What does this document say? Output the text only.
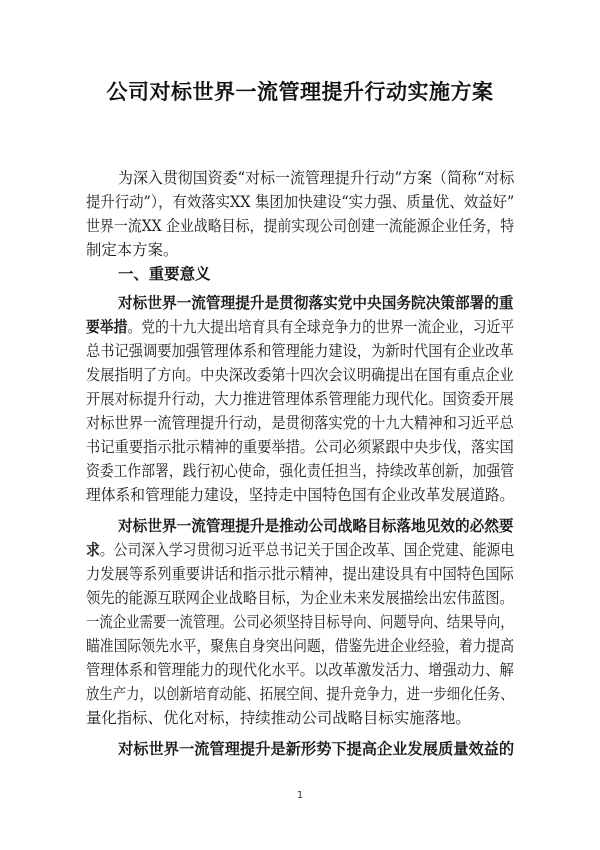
公司对标世界一流管理提升行动实施方案
为深入贯彻国资委“对标一流管理提升行动”方案（简称“对标
提升行动”），有效落实XX 集团加快建设“实力强、质量优、效益好”
世界一流XX 企业战略目标，提前实现公司创建一流能源企业任务，特
制定本方案。
一、重要意义
对标世界一流管理提升是贯彻落实党中央国务院决策部署的重
要举措。党的十九大提出培育具有全球竞争力的世界一流企业，习近平
总书记强调要加强管理体系和管理能力建设，为新时代国有企业改革
发展指明了方向。中央深改委第十四次会议明确提出在国有重点企业
开展对标提升行动，大力推进管理体系管理能力现代化。国资委开展
对标世界一流管理提升行动，是贯彻落实党的十九大精神和习近平总
书记重要指示批示精神的重要举措。公司必须紧跟中央步伐，落实国
资委工作部署，践行初心使命，强化责任担当，持续改革创新，加强管
理体系和管理能力建设，坚持走中国特色国有企业改革发展道路。
对标世界一流管理提升是推动公司战略目标落地见效的必然要
求。公司深入学习贯彻习近平总书记关于国企改革、国企党建、能源电
力发展等系列重要讲话和指示批示精神，提出建设具有中国特色国际
领先的能源互联网企业战略目标，为企业未来发展描绘出宏伟蓝图。
一流企业需要一流管理。公司必须坚持目标导向、问题导向、结果导向，
瞄准国际领先水平，聚焦自身突出问题，借鉴先进企业经验，着力提高
管理体系和管理能力的现代化水平。以改革激发活力、增强动力、解
放生产力，以创新培育动能、拓展空间、提升竞争力，进一步细化任务、
量化指标、优化对标，持续推动公司战略目标实施落地。
对标世界一流管理提升是新形势下提高企业发展质量效益的
1
